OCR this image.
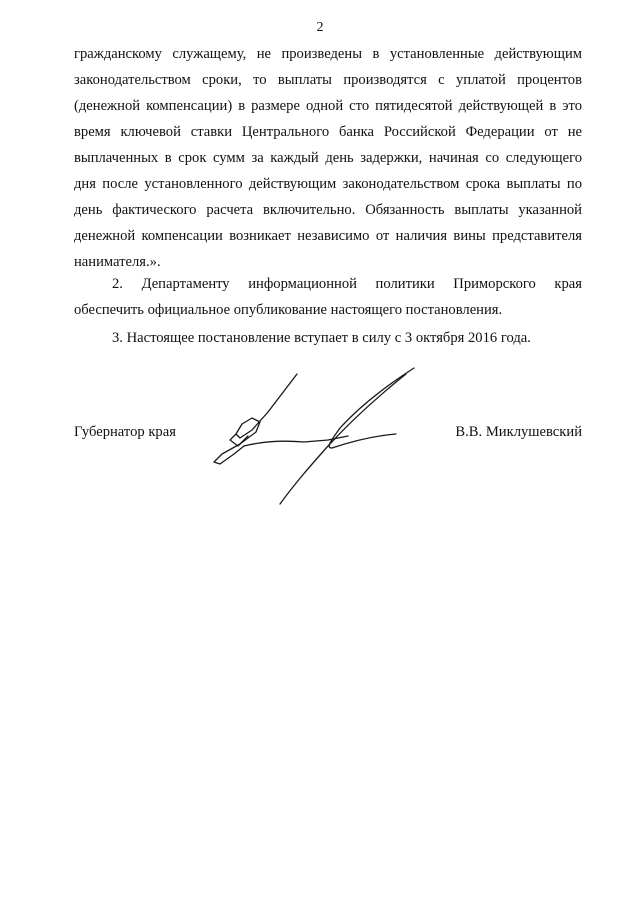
2
гражданскому служащему, не произведены в установленные действующим
законодательством сроки, то выплаты производятся с уплатой процентов
(денежной компенсации) в размере одной сто пятидесятой действующей в это
время ключевой ставки Центрального банка Российской Федерации от не
выплаченных в срок сумм за каждый день задержки, начиная со следующего
дня после установленного действующим законодательством срока выплаты по
день фактического расчета включительно. Обязанность выплаты указанной
денежной компенсации возникает независимо от наличия вины представителя
нанимателя.».
2. Департаменту информационной политики Приморского края
обеспечить официальное опубликование настоящего постановления.
3. Настоящее постановление вступает в силу с 3 октября 2016 года.
Губернатор края	В.В. Миклушевский
